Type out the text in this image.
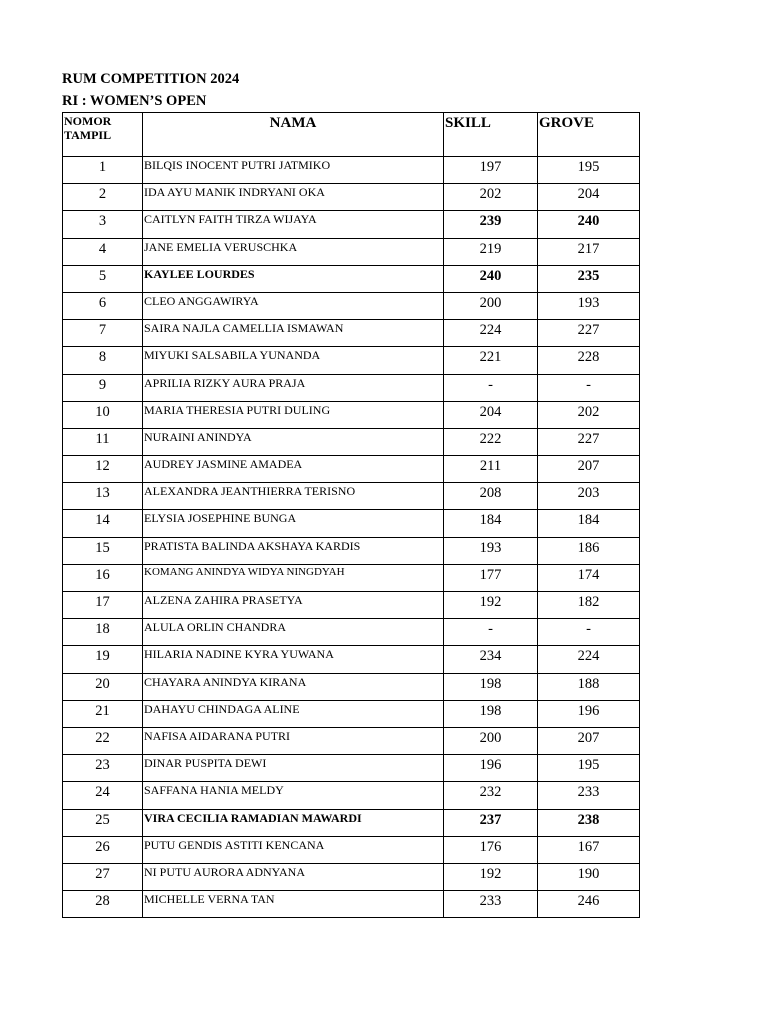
RUM COMPETITION 2024
RI : WOMEN’S OPEN
NOMOR
TAMPIL	NAMA	SKILL	GROVE
1	BILQIS INOCENT PUTRI JATMIKO	197	195
2	IDA AYU MANIK INDRYANI OKA	202	204
3	CAITLYN FAITH TIRZA WIJAYA	239	240
4	JANE EMELIA VERUSCHKA	219	217
5	KAYLEE LOURDES	240	235
6	CLEO ANGGAWIRYA	200	193
7	SAIRA NAJLA CAMELLIA ISMAWAN	224	227
8	MIYUKI SALSABILA YUNANDA	221	228
9	APRILIA RIZKY AURA PRAJA	-	-
10	MARIA THERESIA PUTRI DULING	204	202
11	NURAINI ANINDYA	222	227
12	AUDREY JASMINE AMADEA	211	207
13	ALEXANDRA JEANTHIERRA TERISNO	208	203
14	ELYSIA JOSEPHINE BUNGA	184	184
15	PRATISTA BALINDA AKSHAYA KARDIS	193	186
16	KOMANG ANINDYA WIDYA NINGDYAH	177	174
17	ALZENA ZAHIRA PRASETYA	192	182
18	ALULA ORLIN CHANDRA	-	-
19	HILARIA NADINE KYRA YUWANA	234	224
20	CHAYARA ANINDYA KIRANA	198	188
21	DAHAYU CHINDAGA ALINE	198	196
22	NAFISA AIDARANA PUTRI	200	207
23	DINAR PUSPITA DEWI	196	195
24	SAFFANA HANIA MELDY	232	233
25	VIRA CECILIA RAMADIAN MAWARDI	237	238
26	PUTU GENDIS ASTITI KENCANA	176	167
27	NI PUTU AURORA ADNYANA	192	190
28	MICHELLE VERNA TAN	233	246
